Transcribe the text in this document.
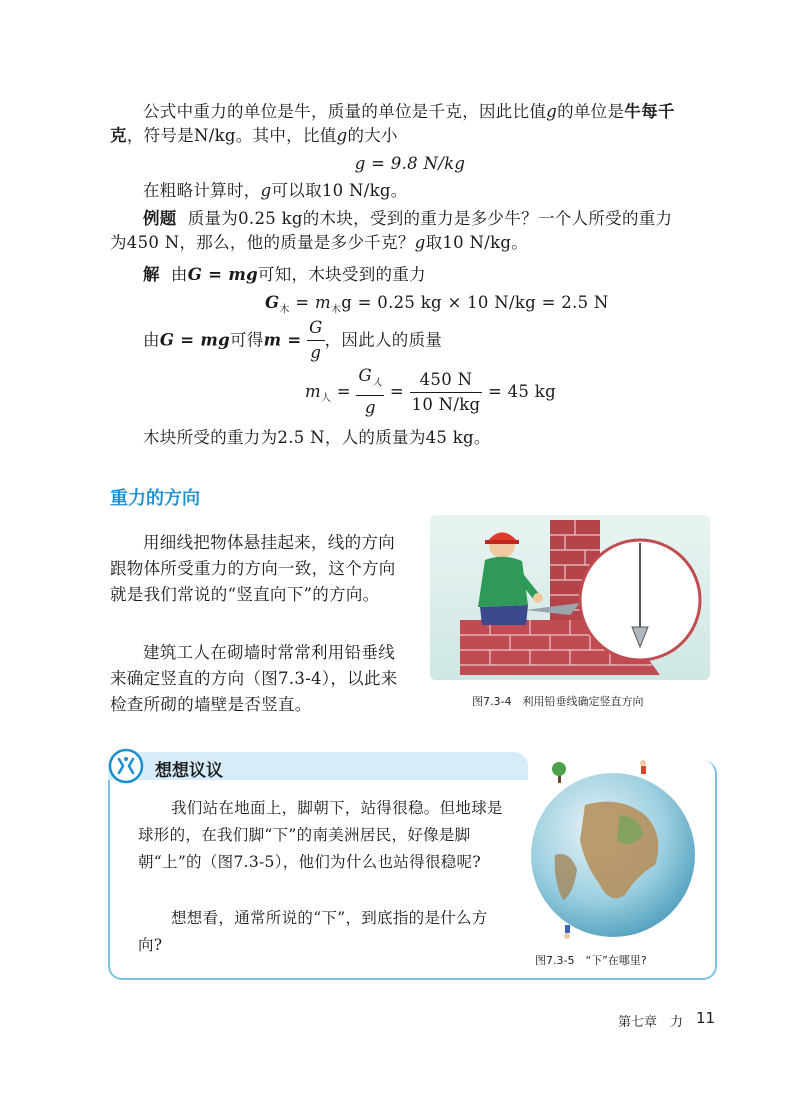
公式中重力的单位是牛，质量的单位是千克，因此比值g的单位是牛每千
克，符号是N/kg。其中，比值g的大小
g = 9.8 N/kg
在粗略计算时，g可以取10 N/kg。
例题 质量为0.25 kg的木块，受到的重力是多少牛？一个人所受的重力
为450 N，那么，他的质量是多少千克？g取10 N/kg。
解 由G = mg可知，木块受到的重力
$G_木 = m_木g = 0.25$ kg × 10 N/kg = 2.5 N
由G = mg可得$m = \frac{G}{g}$ ，因此人的质量
$m_人 = \frac{G_人}{g} = \frac{450 N}{10 N/kg} = 45$ kg
木块所受的重力为2.5 N，人的质量为45 kg。
重力的方向
用细线把物体悬挂起来，线的方向跟物体所受重力的方向一致，这个方向就是我们常说的“竖直向下”的方向。
建筑工人在砌墙时常常利用铅垂线来确定竖直的方向（图7.3-4），以此来检查所砌的墙壁是否竖直。	图7.3-4　利用铅垂线确定竖直方向
想想议议
我们站在地面上，脚朝下，站得很稳。但地球是球形的，在我们脚“下”的南美洲居民，好像是脚朝“上”的（图7.3-5），他们为什么也站得很稳呢?
想想看，通常所说的“下”，到底指的是什么方向?
图7.3-5　“下”在哪里?
第七章　力 11
